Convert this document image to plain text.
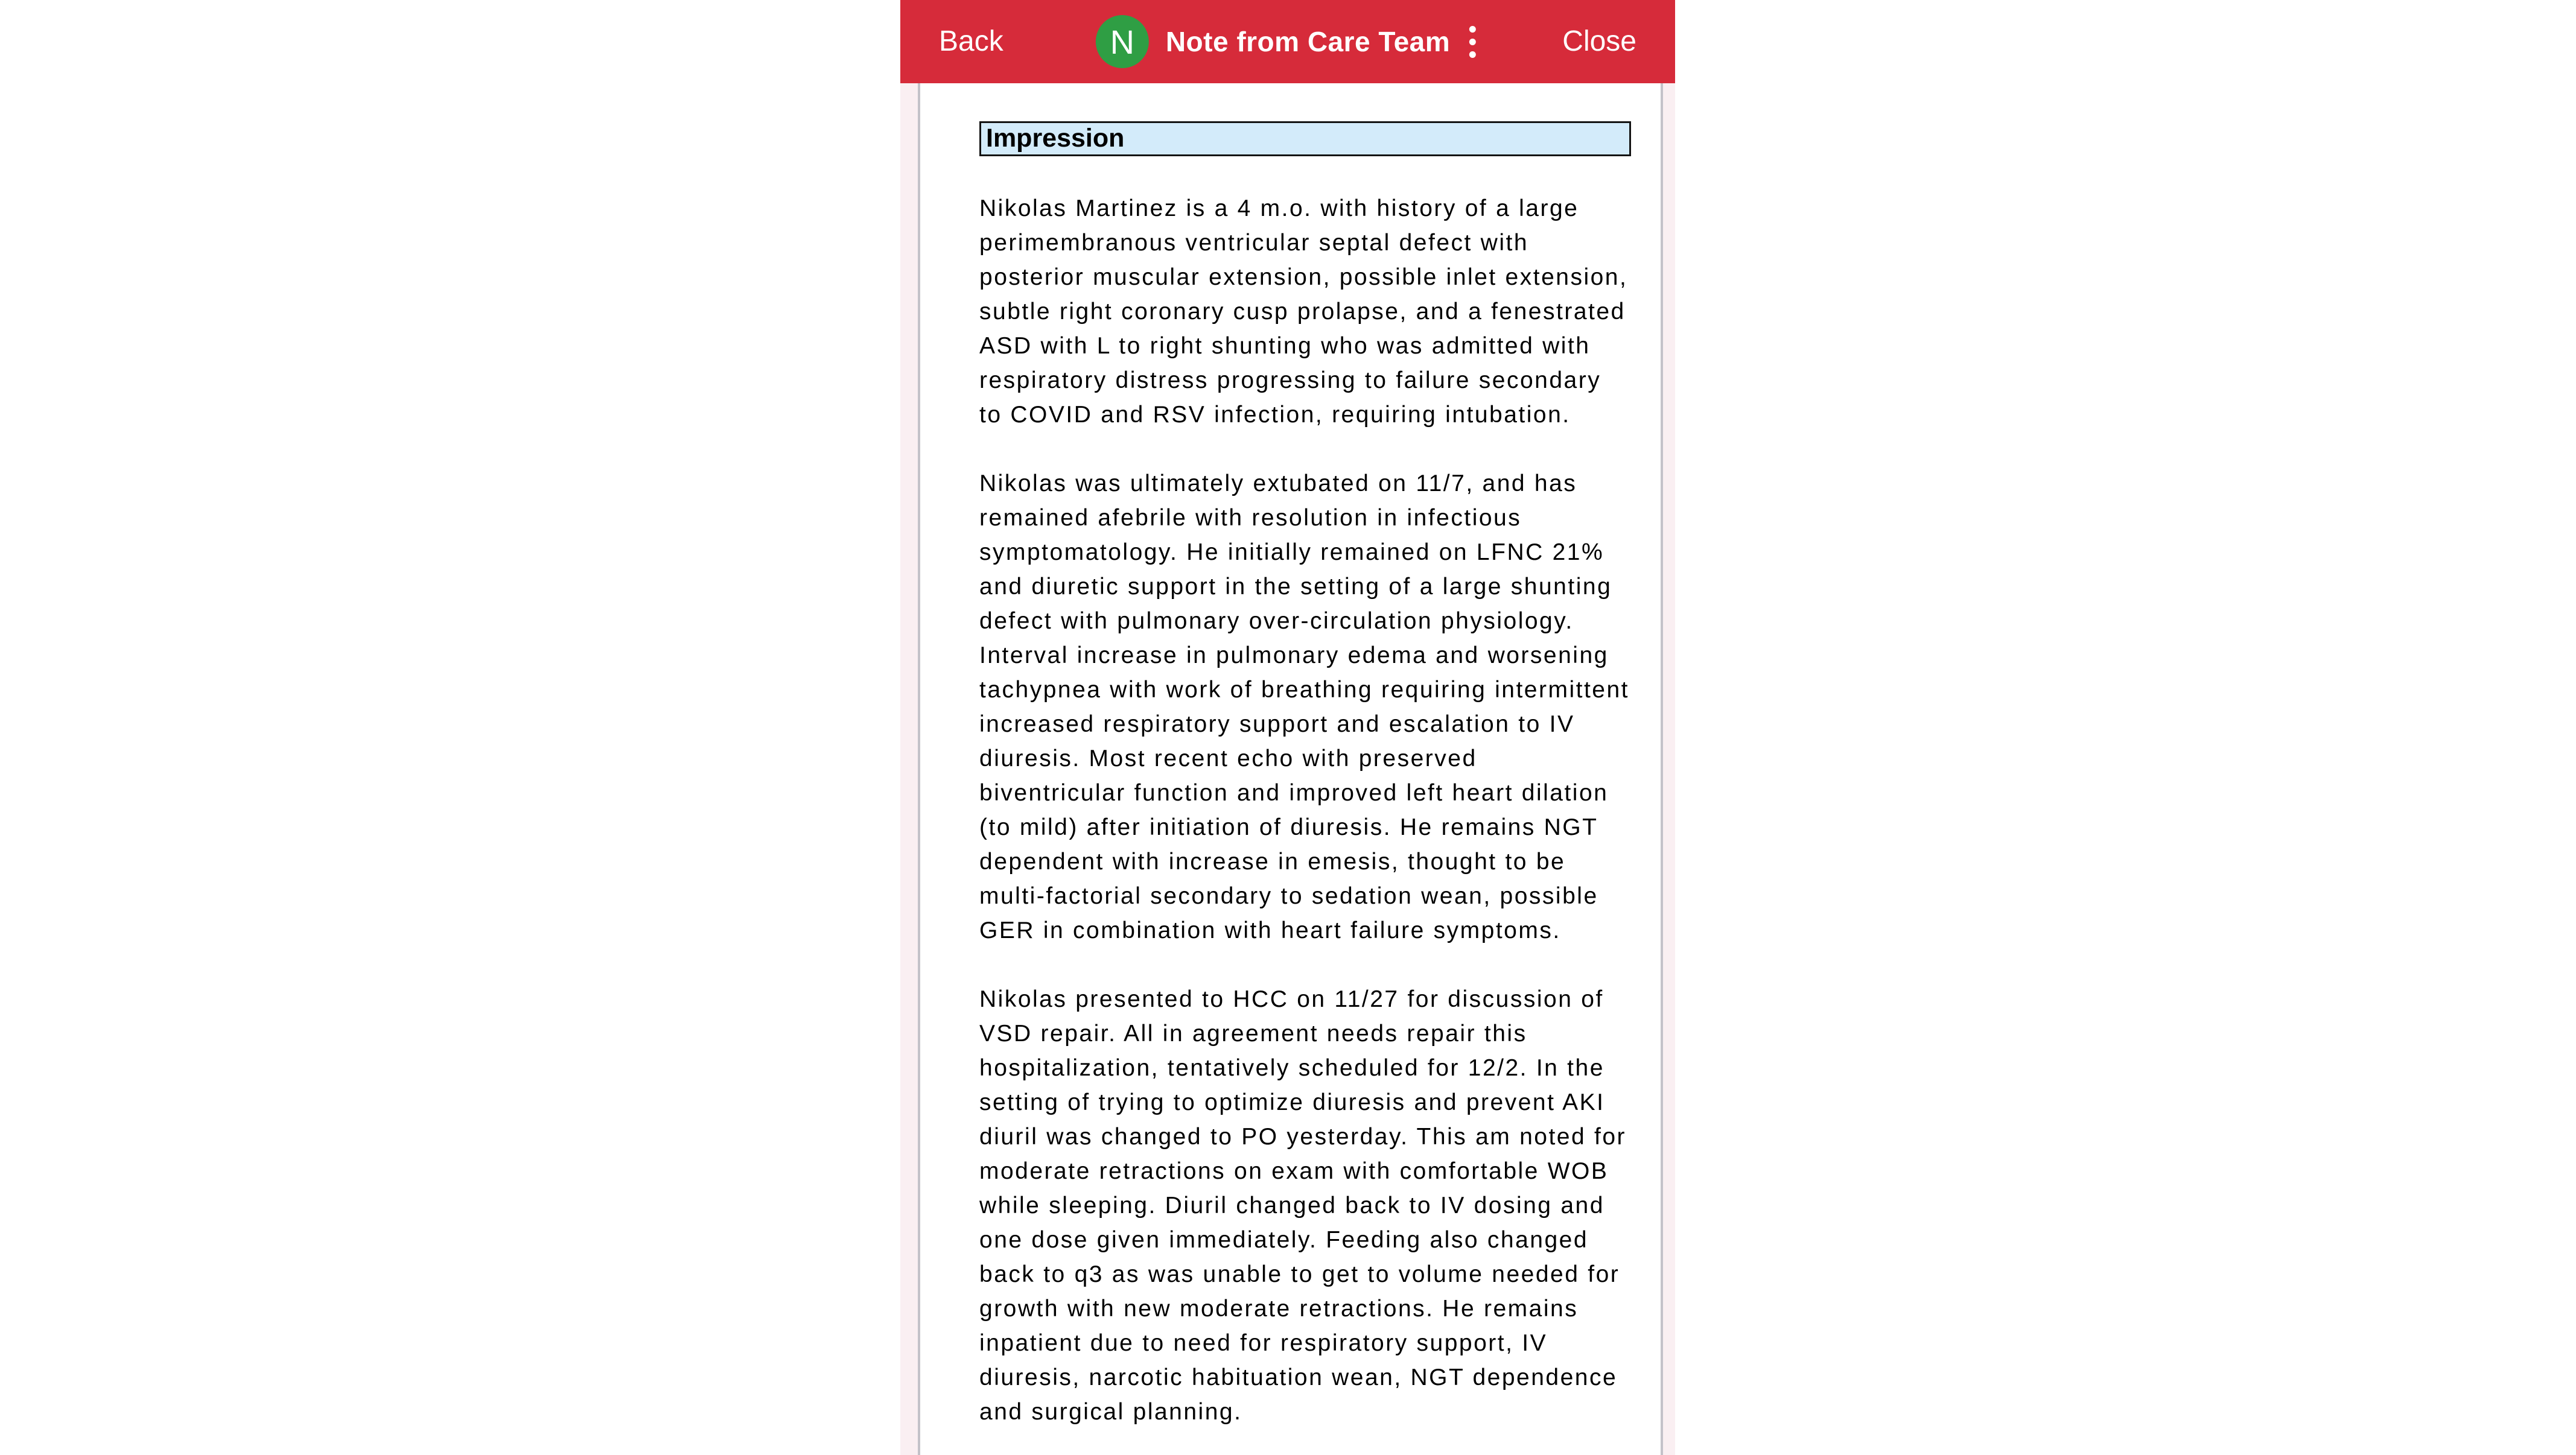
Back	N Note from Care Team	Close
Impression

Nikolas Martinez is a 4 m.o. with history of a large perimembranous ventricular septal defect with posterior muscular extension, possible inlet extension, subtle right coronary cusp prolapse, and a fenestrated ASD with L to right shunting who was admitted with respiratory distress progressing to failure secondary to COVID and RSV infection, requiring intubation.

Nikolas was ultimately extubated on 11/7, and has remained afebrile with resolution in infectious symptomatology. He initially remained on LFNC 21% and diuretic support in the setting of a large shunting defect with pulmonary over-circulation physiology. Interval increase in pulmonary edema and worsening tachypnea with work of breathing requiring intermittent increased respiratory support and escalation to IV diuresis. Most recent echo with preserved biventricular function and improved left heart dilation (to mild) after initiation of diuresis. He remains NGT dependent with increase in emesis, thought to be multi-factorial secondary to sedation wean, possible GER in combination with heart failure symptoms.

Nikolas presented to HCC on 11/27 for discussion of VSD repair. All in agreement needs repair this hospitalization, tentatively scheduled for 12/2. In the setting of trying to optimize diuresis and prevent AKI diuril was changed to PO yesterday. This am noted for moderate retractions on exam with comfortable WOB while sleeping. Diuril changed back to IV dosing and one dose given immediately. Feeding also changed back to q3 as was unable to get to volume needed for growth with new moderate retractions. He remains inpatient due to need for respiratory support, IV diuresis, narcotic habituation wean, NGT dependence and surgical planning.
